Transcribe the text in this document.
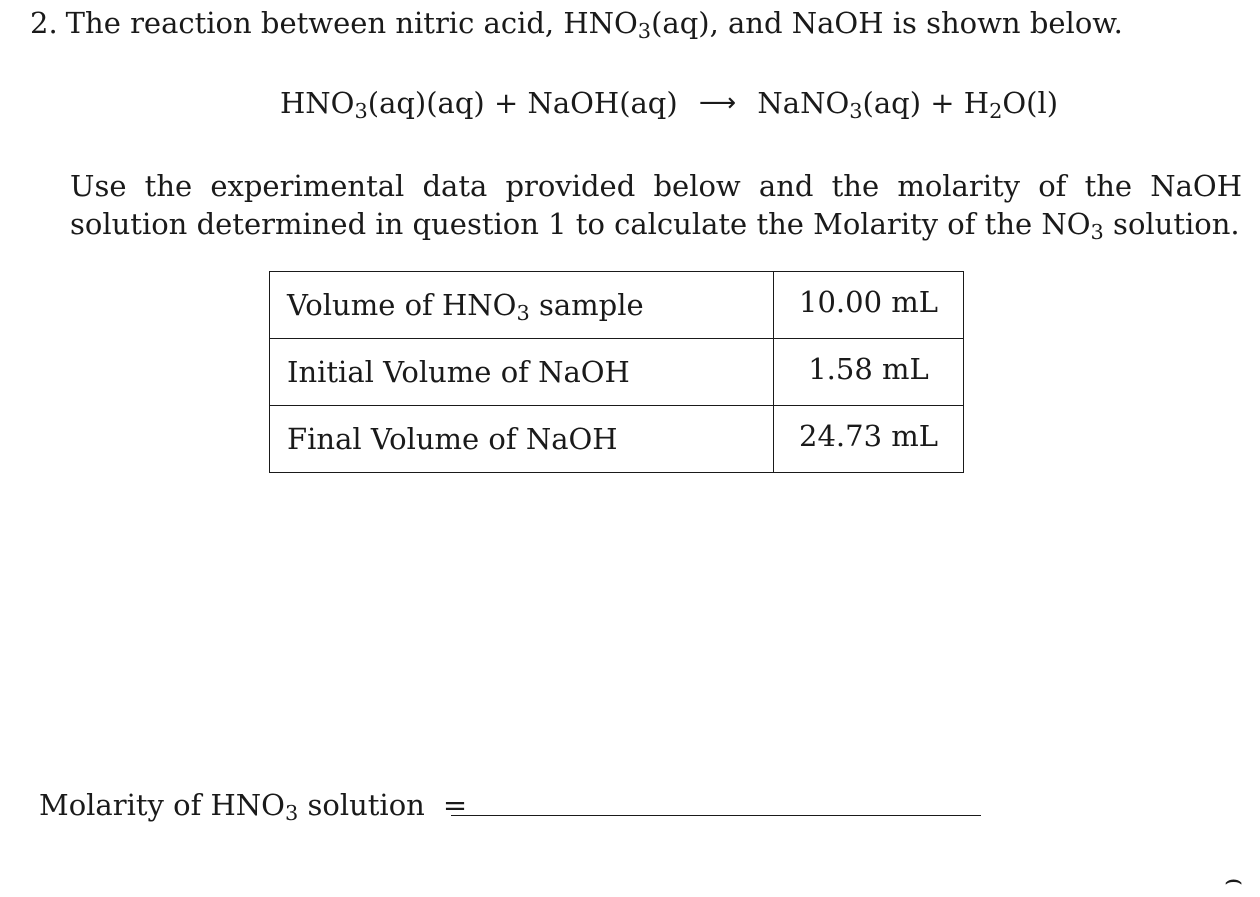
2. The reaction between nitric acid, $HNO_3(aq)$, and NaOH is shown below.
$HNO_3(aq)(aq)$ + NaOH(aq) ⟶ NaNO$_3$(aq) + $H_2O(l)$
Use the experimental data provided below and the molarity of the NaOH solution determined in question 1 to calculate the Molarity of the $NO_3$ solution.
Volume of $HNO_3$ sample	10.00 mL
Initial Volume of NaOH	1.58 mL
Final Volume of NaOH	24.73 mL
Molarity of $HNO_3$ solution =
⌢
